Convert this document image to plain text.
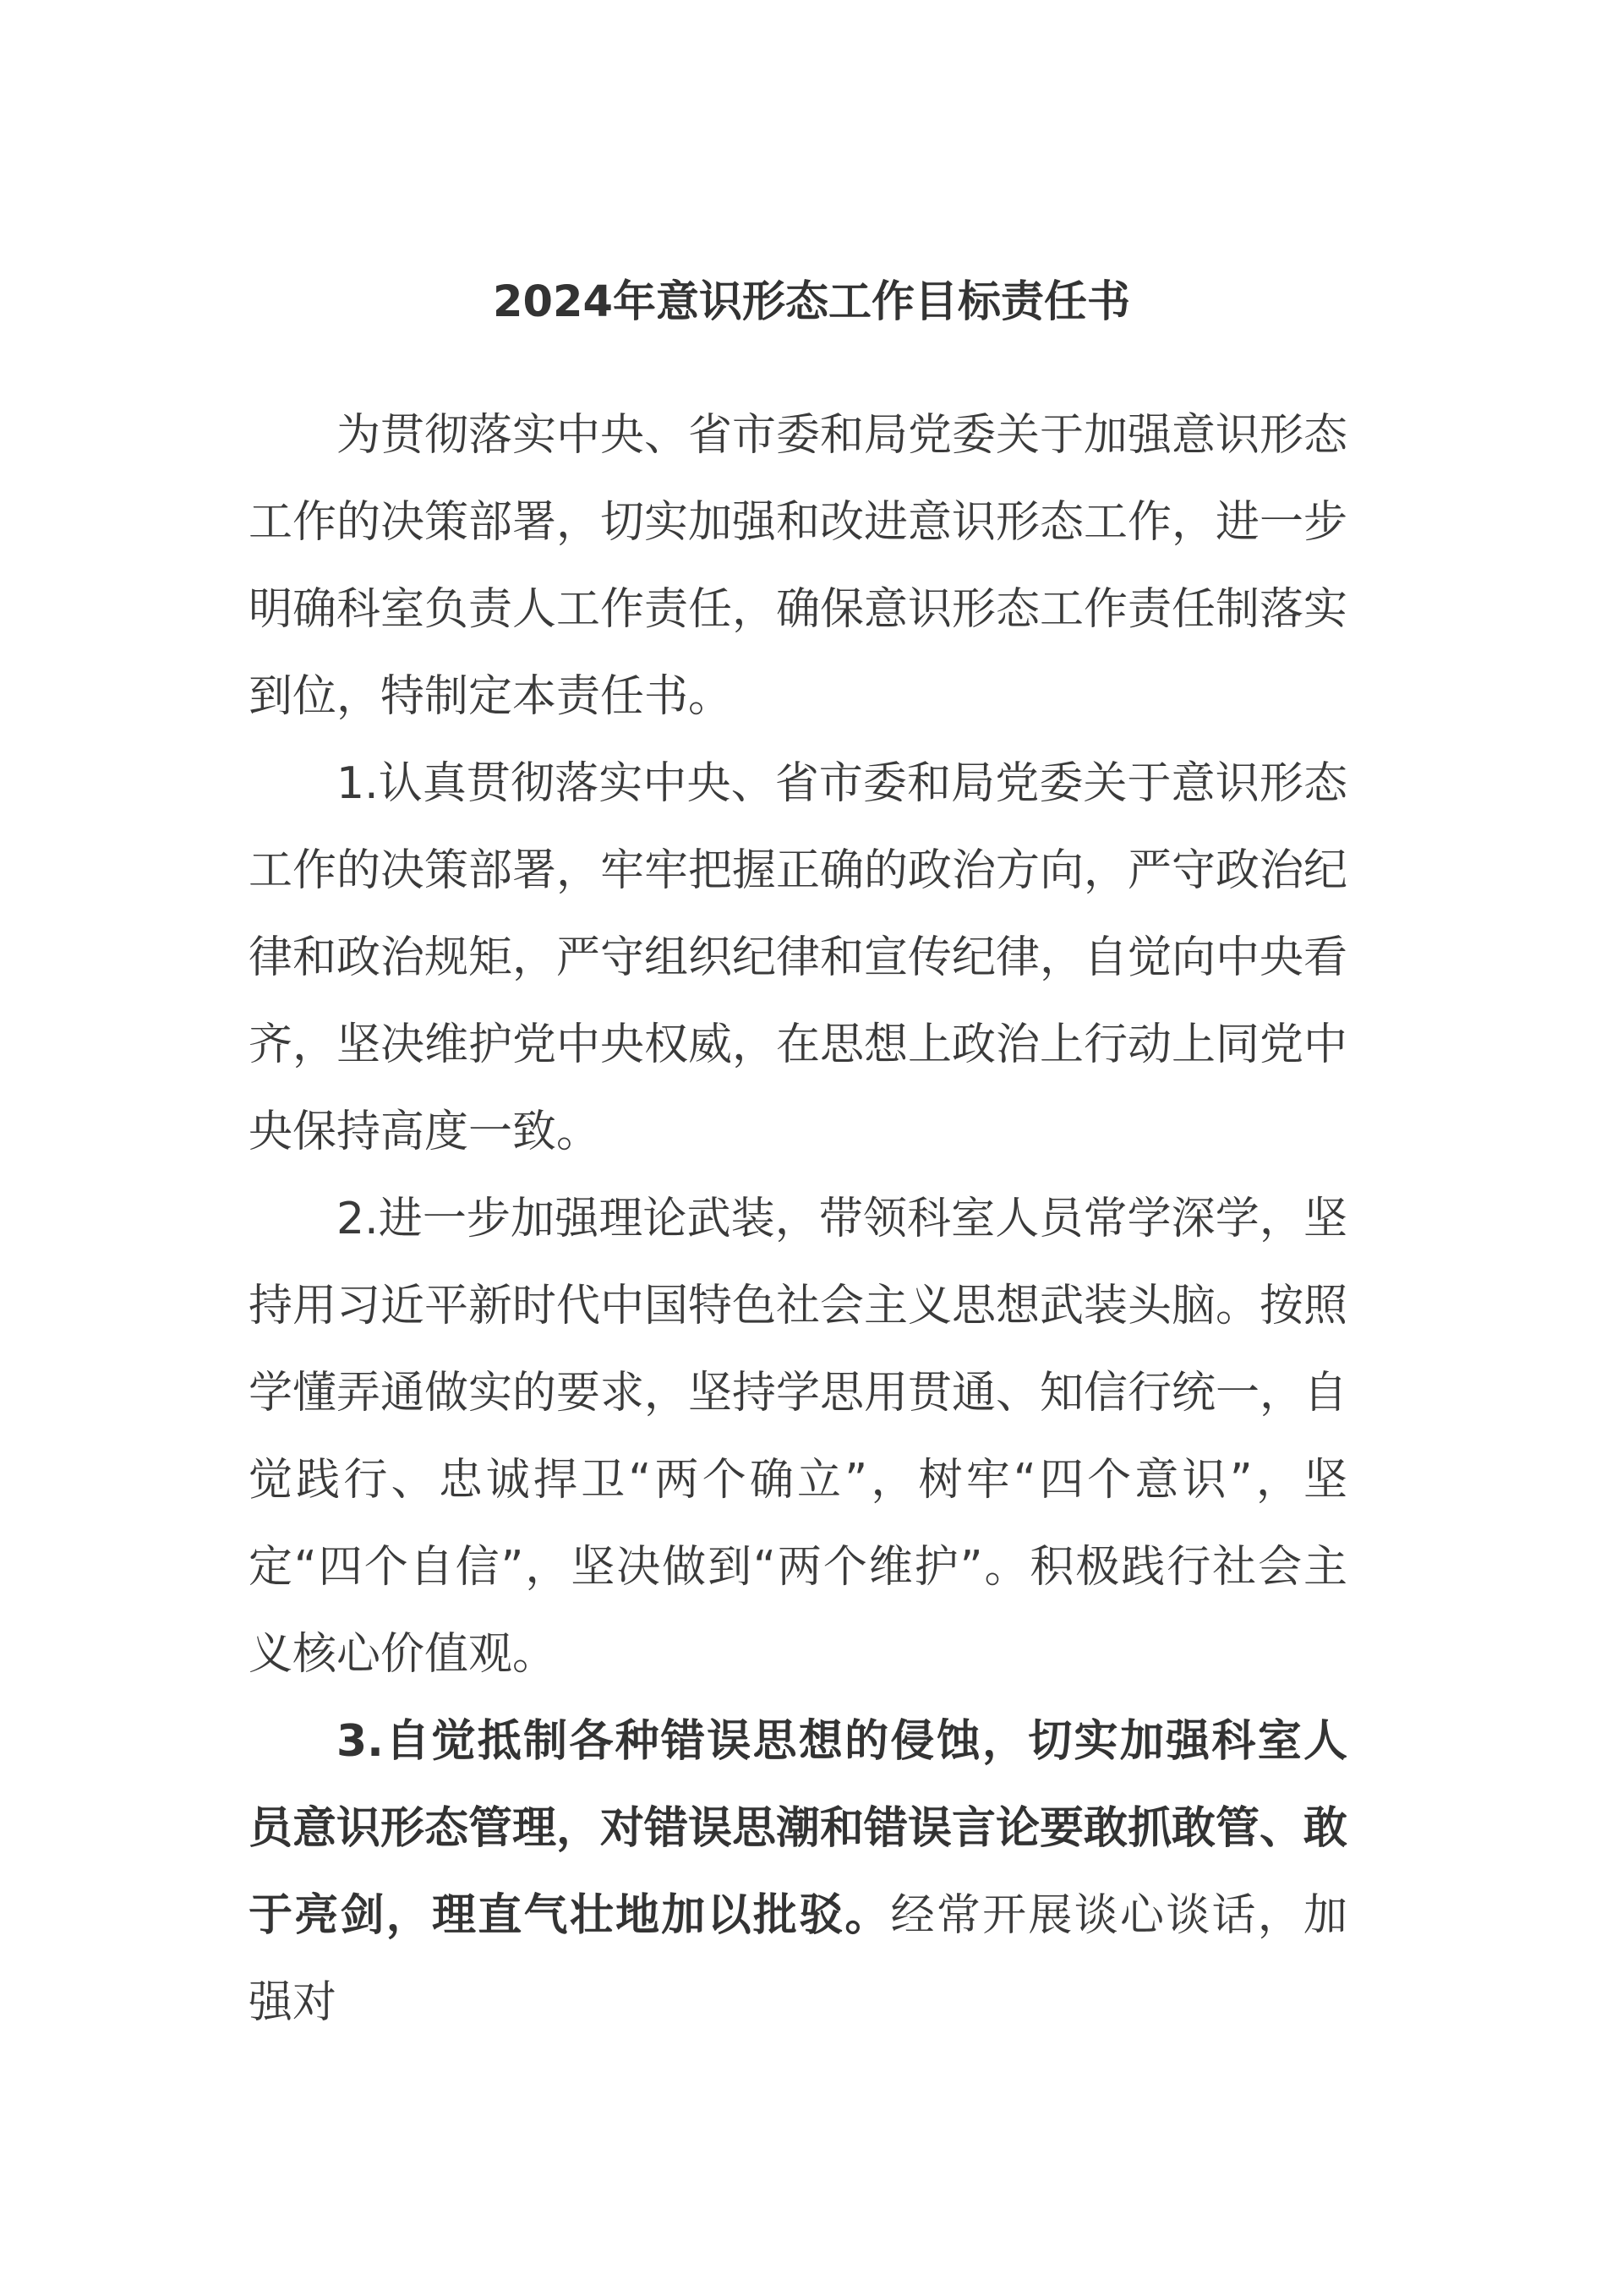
2024年意识形态工作目标责任书

为贯彻落实中央、省市委和局党委关于加强意识形态工作的决策部署，切实加强和改进意识形态工作，进一步明确科室负责人工作责任，确保意识形态工作责任制落实到位，特制定本责任书。

1.认真贯彻落实中央、省市委和局党委关于意识形态工作的决策部署，牢牢把握正确的政治方向，严守政治纪律和政治规矩，严守组织纪律和宣传纪律，自觉向中央看齐，坚决维护党中央权威，在思想上政治上行动上同党中央保持高度一致。

2.进一步加强理论武装，带领科室人员常学深学，坚持用习近平新时代中国特色社会主义思想武装头脑。按照学懂弄通做实的要求，坚持学思用贯通、知信行统一，自觉践行、忠诚捍卫“两个确立”，树牢“四个意识”，坚定“四个自信”，坚决做到“两个维护”。积极践行社会主义核心价值观。

3.自觉抵制各种错误思想的侵蚀，切实加强科室人员意识形态管理，对错误思潮和错误言论要敢抓敢管、敢于亮剑，理直气壮地加以批驳。经常开展谈心谈话，加强对
